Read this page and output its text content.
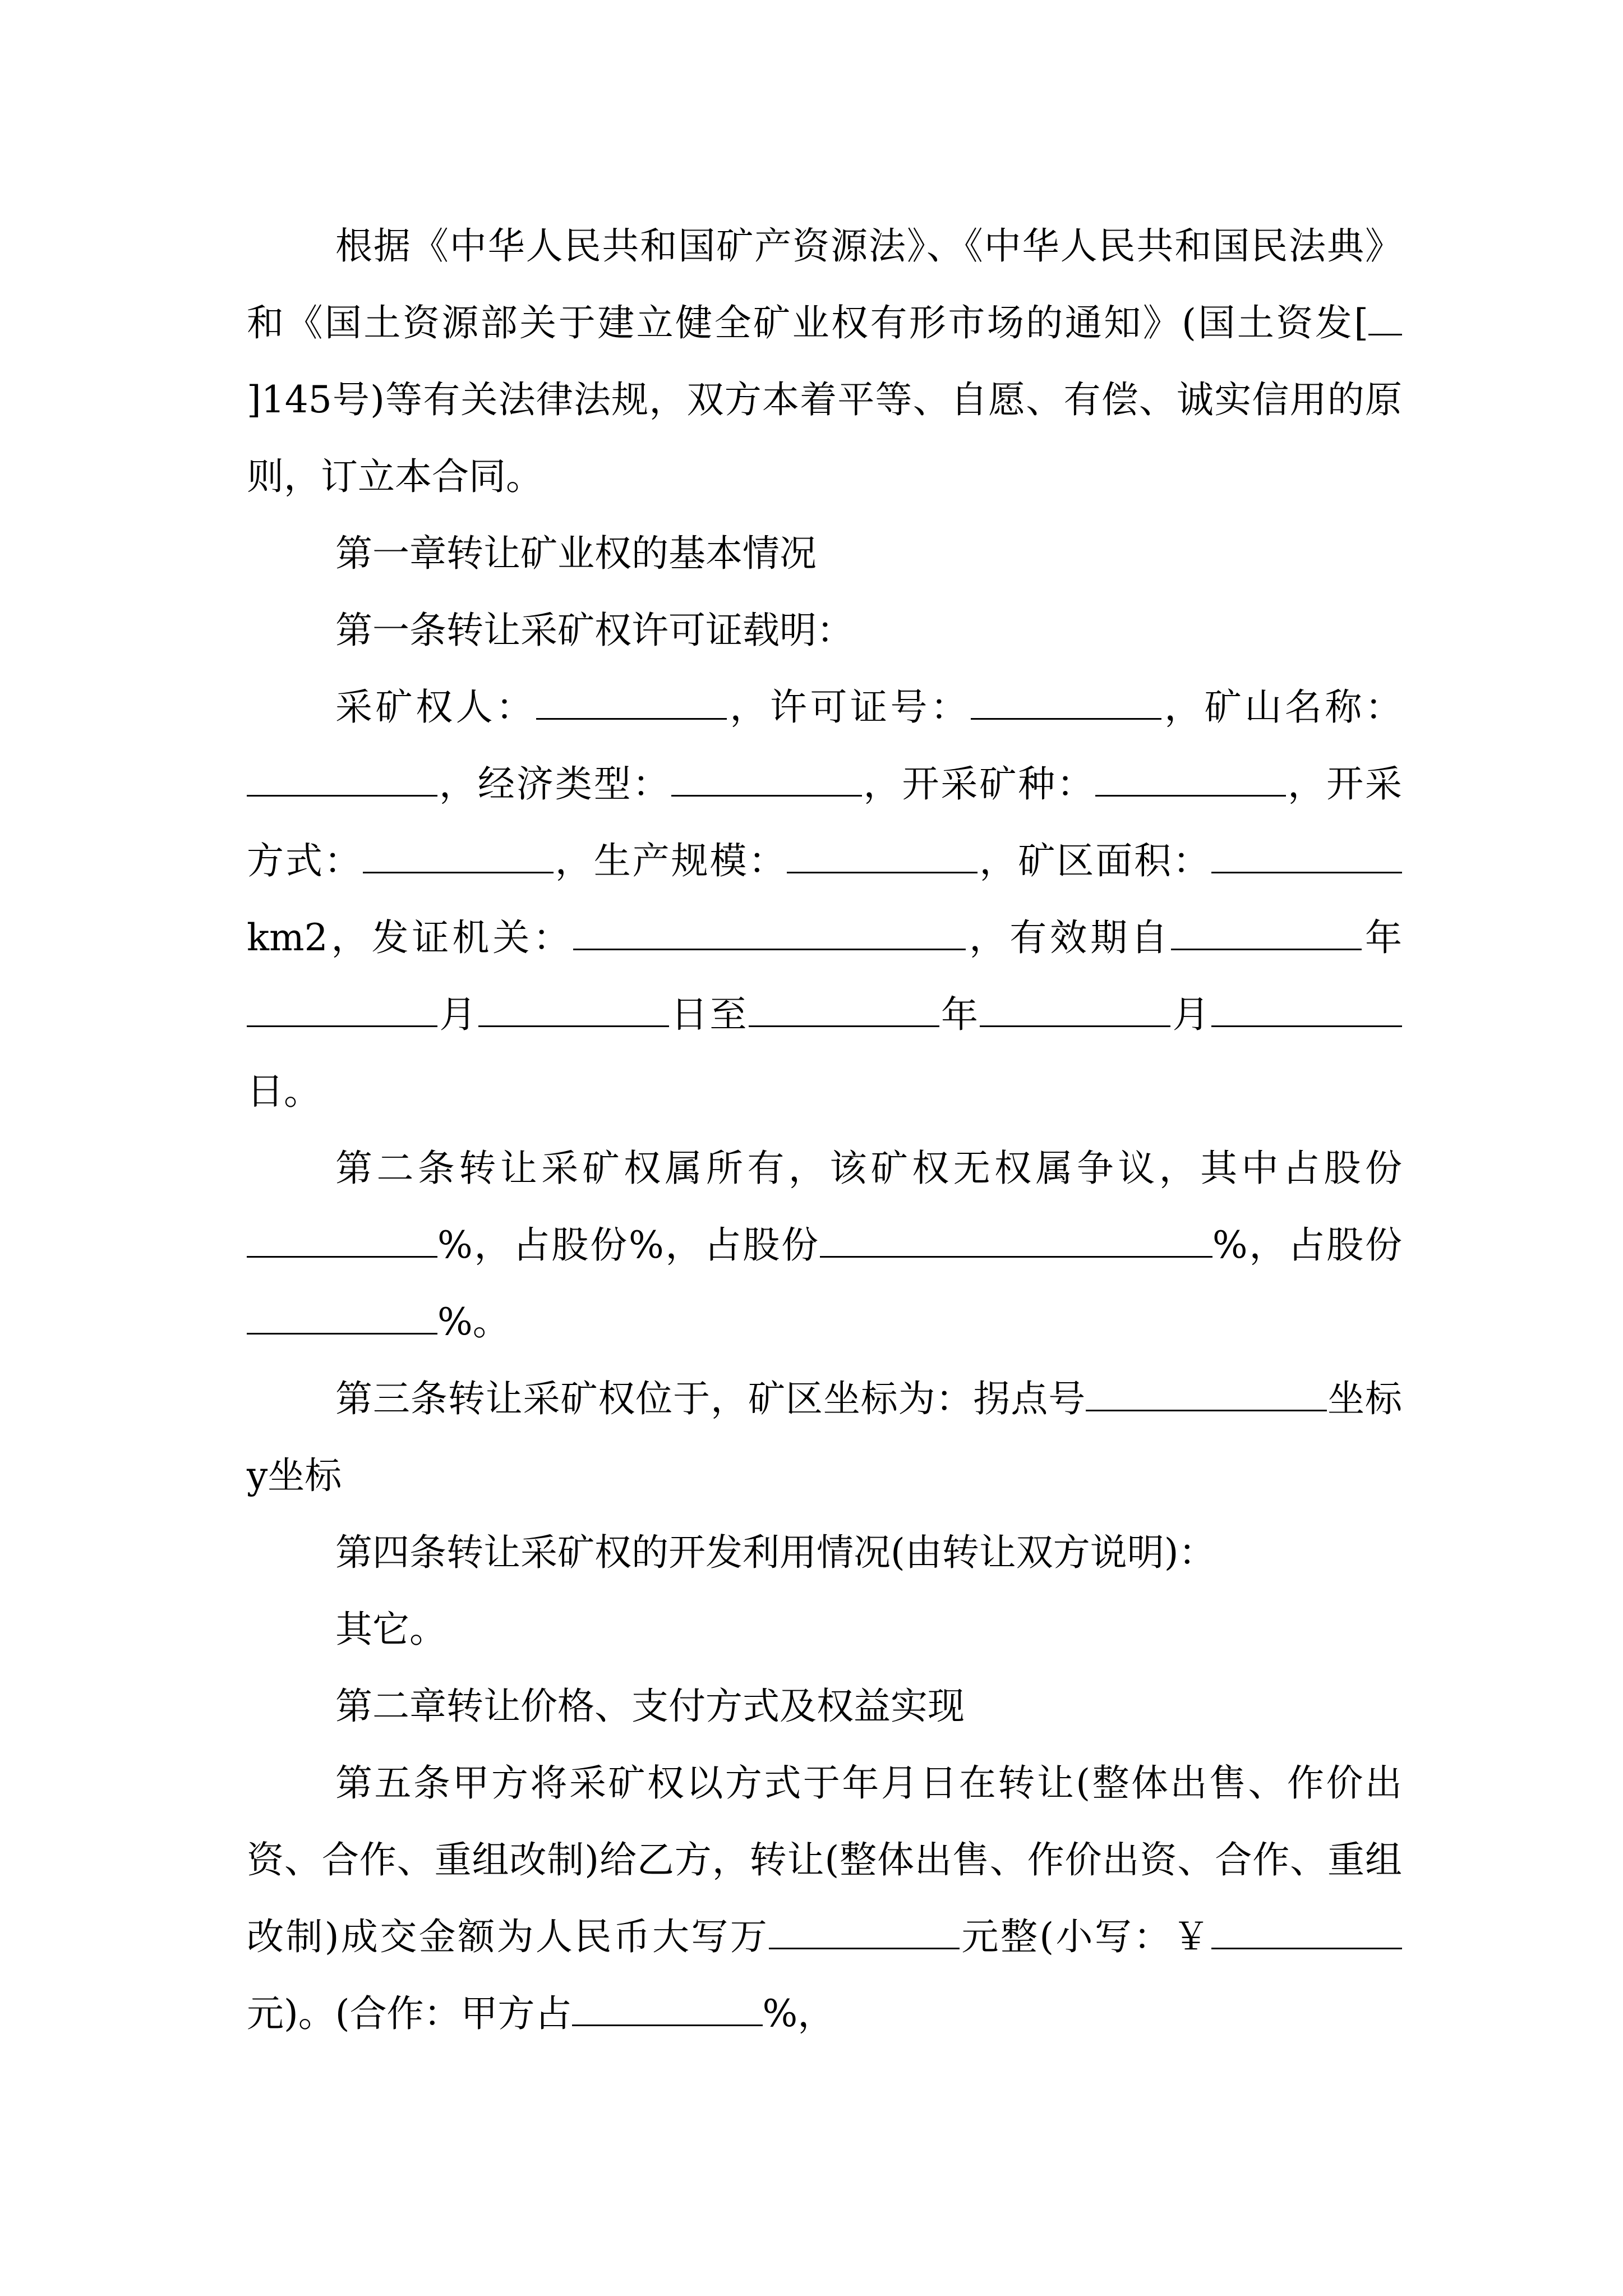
根据《中华人民共和国矿产资源法》、《中华人民共和国民法典》和《国土资源部关于建立健全矿业权有形市场的通知》(国土资发[]145号)等有关法律法规，双方本着平等、自愿、有偿、诚实信用的原则，订立本合同。

第一章转让矿业权的基本情况

第一条转让采矿权许可证载明：

采矿权人：	，许可证号：	，矿山名称：，经济类型：	，开采矿种：	，开采方式：	，生产规模：	，矿区面积：km2，发证机关：	，有效期自	年月	日至	年	月日。

第二条转让采矿权属所有，该矿权无权属争议，其中占股份%，占股份%，占股份	%，占股份%。

第三条转让采矿权位于，矿区坐标为：拐点号	坐标y坐标

第四条转让采矿权的开发利用情况(由转让双方说明)：

其它。

第二章转让价格、支付方式及权益实现

第五条甲方将采矿权以方式于年月日在转让(整体出售、作价出资、合作、重组改制)给乙方，转让(整体出售、作价出资、合作、重组改制)成交金额为人民币大写万	元整(小写：￥元)。(合作：甲方占	%，
